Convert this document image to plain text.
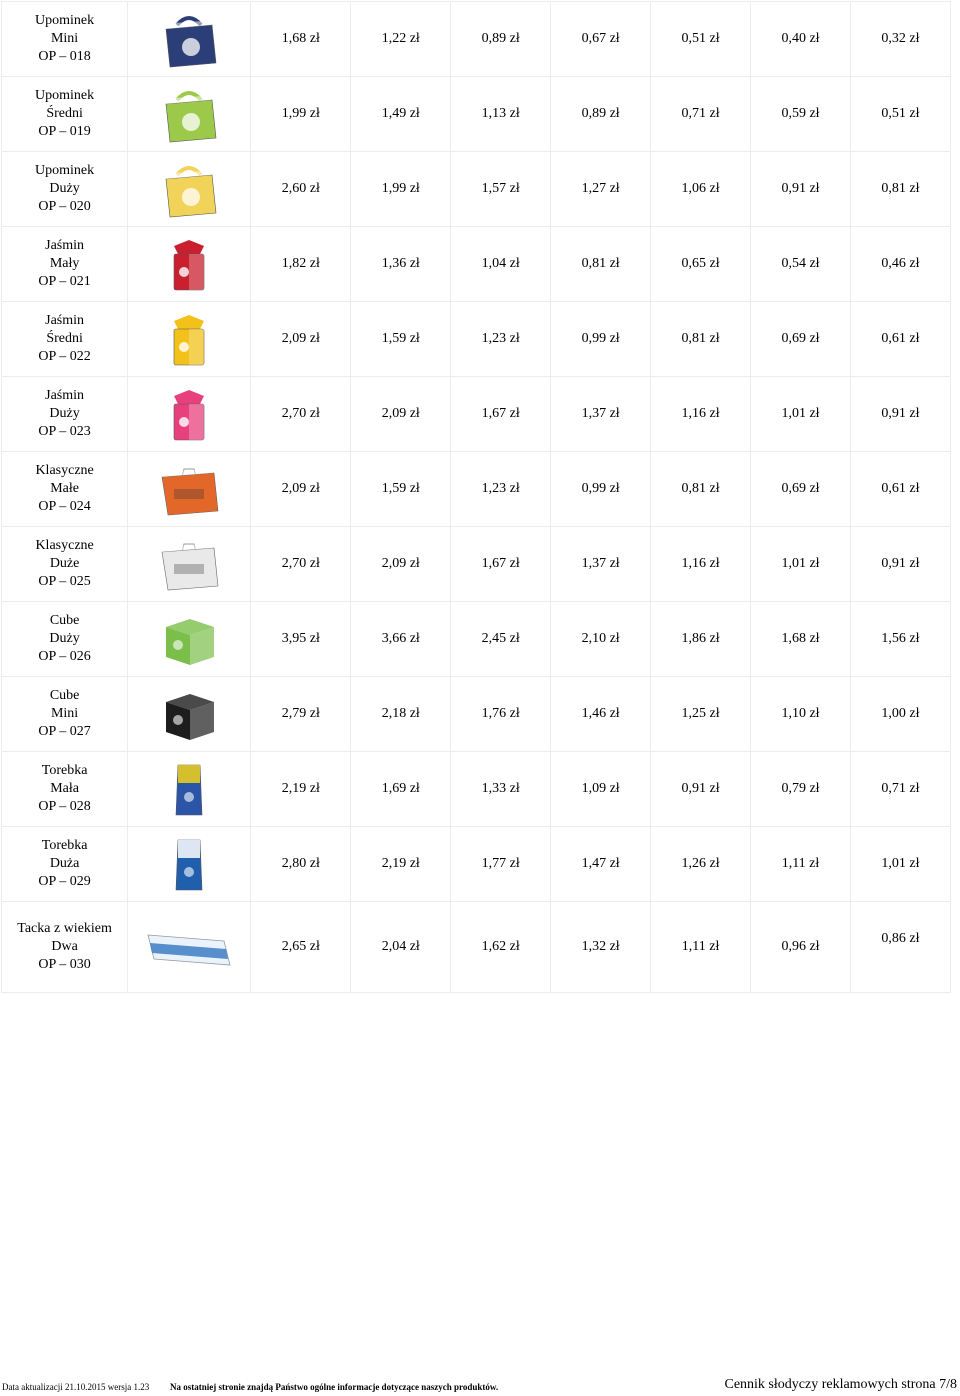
Upominek
Mini
OP – 018		1,68 zł	1,22 zł	0,89 zł	0,67 zł	0,51 zł	0,40 zł	0,32 zł

Upominek
Średni
OP – 019		1,99 zł	1,49 zł	1,13 zł	0,89 zł	0,71 zł	0,59 zł	0,51 zł

Upominek
Duży
OP – 020		2,60 zł	1,99 zł	1,57 zł	1,27 zł	1,06 zł	0,91 zł	0,81 zł

Jaśmin
Mały
OP – 021		1,82 zł	1,36 zł	1,04 zł	0,81 zł	0,65 zł	0,54 zł	0,46 zł

Jaśmin
Średni
OP – 022		2,09 zł	1,59 zł	1,23 zł	0,99 zł	0,81 zł	0,69 zł	0,61 zł

Jaśmin
Duży
OP – 023		2,70 zł	2,09 zł	1,67 zł	1,37 zł	1,16 zł	1,01 zł	0,91 zł

Klasyczne
Małe
OP – 024		2,09 zł	1,59 zł	1,23 zł	0,99 zł	0,81 zł	0,69 zł	0,61 zł

Klasyczne
Duże
OP – 025		2,70 zł	2,09 zł	1,67 zł	1,37 zł	1,16 zł	1,01 zł	0,91 zł

Cube
Duży
OP – 026		3,95 zł	3,66 zł	2,45 zł	2,10 zł	1,86 zł	1,68 zł	1,56 zł

Cube
Mini
OP – 027		2,79 zł	2,18 zł	1,76 zł	1,46 zł	1,25 zł	1,10 zł	1,00 zł

Torebka
Mała
OP – 028		2,19 zł	1,69 zł	1,33 zł	1,09 zł	0,91 zł	0,79 zł	0,71 zł

Torebka
Duża
OP – 029		2,80 zł	2,19 zł	1,77 zł	1,47 zł	1,26 zł	1,11 zł	1,01 zł

Tacka z wiekiem
Dwa
OP – 030		2,65 zł	2,04 zł	1,62 zł	1,32 zł	1,11 zł	0,96 zł	0,86 zł
Data aktualizacji 21.10.2015 wersja 1.23 Na ostatniej stronie znajdą Państwo ogólne informacje dotyczące naszych produktów.	Cennik słodyczy reklamowych strona 7/8
